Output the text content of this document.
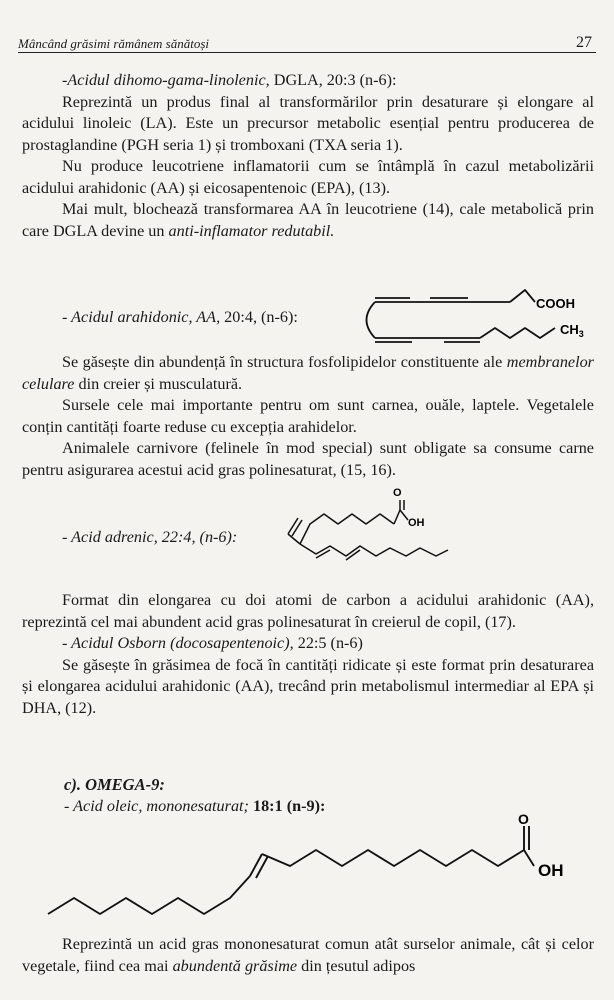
Mâncând grăsimi rămânem sănătoși	27

-Acidul dihomo-gama-linolenic, DGLA, 20:3 (n-6):

Reprezintă un produs final al transformărilor prin desaturare și elongare al acidului linoleic (LA). Este un precursor metabolic esențial pentru producerea de prostaglandine (PGH seria 1) și tromboxani (TXA seria 1).

Nu produce leucotriene inflamatorii cum se întâmplă în cazul metabolizării acidului arahidonic (AA) și eicosapentenoic (EPA), (13).

Mai mult, blochează transformarea AA în leucotriene (14), cale metabolică prin care DGLA devine un anti-inflamator redutabil.

- Acidul arahidonic, AA, 20:4, (n-6):
COOH
$CH_3$

Se găsește din abundență în structura fosfolipidelor constituente ale membranelor celulare din creier și musculatură.

Sursele cele mai importante pentru om sunt carnea, ouăle, laptele. Vegetalele conțin cantități foarte reduse cu excepția arahidelor.

Animalele carnivore (felinele în mod special) sunt obligate sa consume carne pentru asigurarea acestui acid gras polinesaturat, (15, 16).

- Acid adrenic, 22:4, (n-6):
O
OH

Format din elongarea cu doi atomi de carbon a acidului arahidonic (AA), reprezintă cel mai abundent acid gras polinesaturat în creierul de copil, (17).

- Acidul Osborn (docosapentenoic), 22:5 (n-6)

Se găsește în grăsimea de focă în cantități ridicate și este format prin desaturarea și elongarea acidului arahidonic (AA), trecând prin metabolismul intermediar al EPA și DHA, (12).

c). OMEGA-9:
- Acid oleic, mononesaturat; 18:1 (n-9):
O
OH

Reprezintă un acid gras mononesaturat comun atât surselor animale, cât și celor vegetale, fiind cea mai abundentă grăsime din țesutul adipos
